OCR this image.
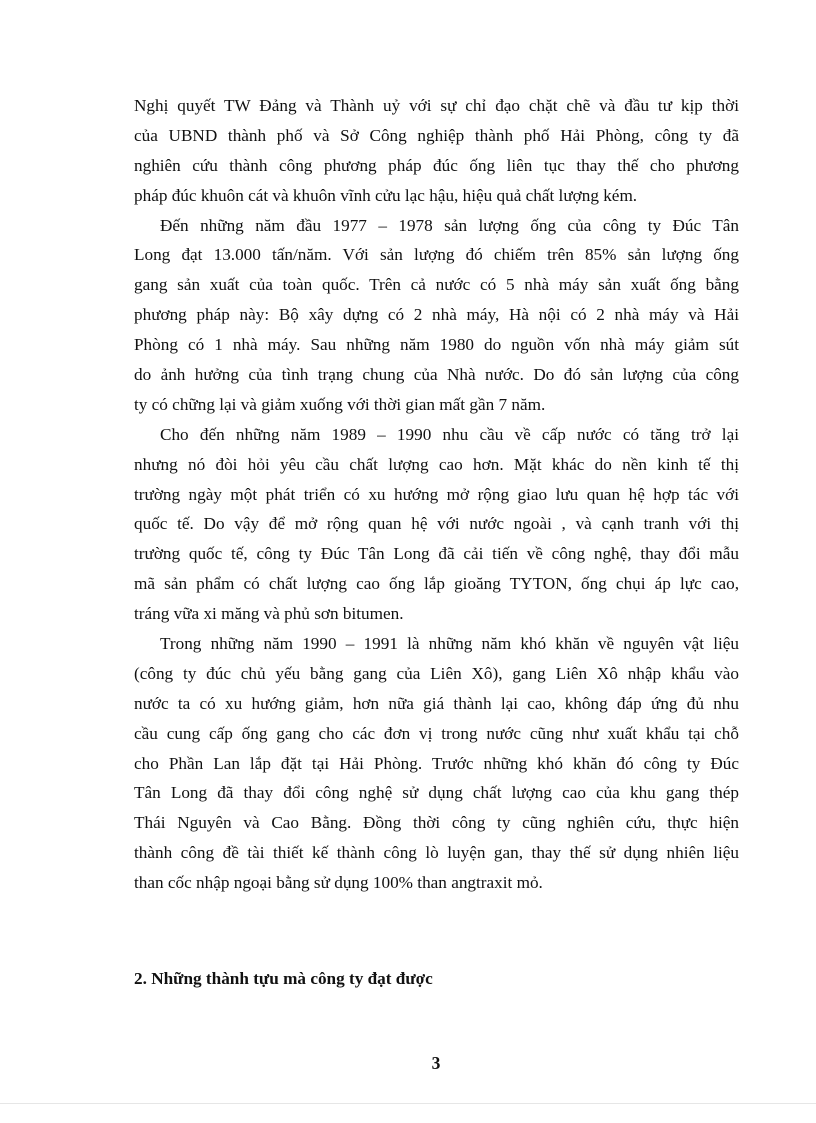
Nghị quyết TW Đảng và Thành uỷ với sự chỉ đạo chặt chẽ và đầu tư kịp thời
của UBND thành phố và Sở Công nghiệp thành phố Hải Phòng, công ty đã
nghiên cứu thành công phương pháp đúc ống liên tục thay thế cho phương
pháp đúc khuôn cát và khuôn vĩnh cửu lạc hậu, hiệu quả chất lượng kém.
Đến những năm đầu 1977 – 1978 sản lượng ống của công ty Đúc Tân
Long đạt 13.000 tấn/năm. Với sản lượng đó chiếm trên 85% sản lượng ống
gang sản xuất của toàn quốc. Trên cả nước có 5 nhà máy sản xuất ống bằng
phương pháp này: Bộ xây dựng có 2 nhà máy, Hà nội có 2 nhà máy và Hải
Phòng có 1 nhà máy. Sau những năm 1980 do nguồn vốn nhà máy giảm sút
do ảnh hưởng của tình trạng chung của Nhà nước. Do đó sản lượng của công
ty có chững lại và giảm xuống với thời gian mất gần 7 năm.
Cho đến những năm 1989 – 1990 nhu cầu về cấp nước có tăng trở lại
nhưng nó đòi hỏi yêu cầu chất lượng cao hơn. Mặt khác do nền kinh tế thị
trường ngày một phát triển có xu hướng mở rộng giao lưu quan hệ hợp tác với
quốc tế. Do vậy để mở rộng quan hệ với nước ngoài , và cạnh tranh với thị
trường quốc tế, công ty Đúc Tân Long đã cải tiến về công nghệ, thay đổi mẫu
mã sản phẩm có chất lượng cao ống lắp gioăng TYTON, ống chụi áp lực cao,
tráng vữa xi măng và phủ sơn bitumen.
Trong những năm 1990 – 1991 là những năm khó khăn về nguyên vật liệu
(công ty đúc chủ yếu bằng gang của Liên Xô), gang Liên Xô nhập khẩu vào
nước ta có xu hướng giảm, hơn nữa giá thành lại cao, không đáp ứng đủ nhu
cầu cung cấp ống gang cho các đơn vị trong nước cũng như xuất khẩu tại chỗ
cho Phần Lan lắp đặt tại Hải Phòng. Trước những khó khăn đó công ty Đúc
Tân Long đã thay đổi công nghệ sử dụng chất lượng cao của khu gang thép
Thái Nguyên và Cao Bằng. Đồng thời công ty cũng nghiên cứu, thực hiện
thành công đề tài thiết kế thành công lò luyện gan, thay thế sử dụng nhiên liệu
than cốc nhập ngoại bằng sử dụng 100% than angtraxit mỏ.
2. Những thành tựu mà công ty đạt được
3
